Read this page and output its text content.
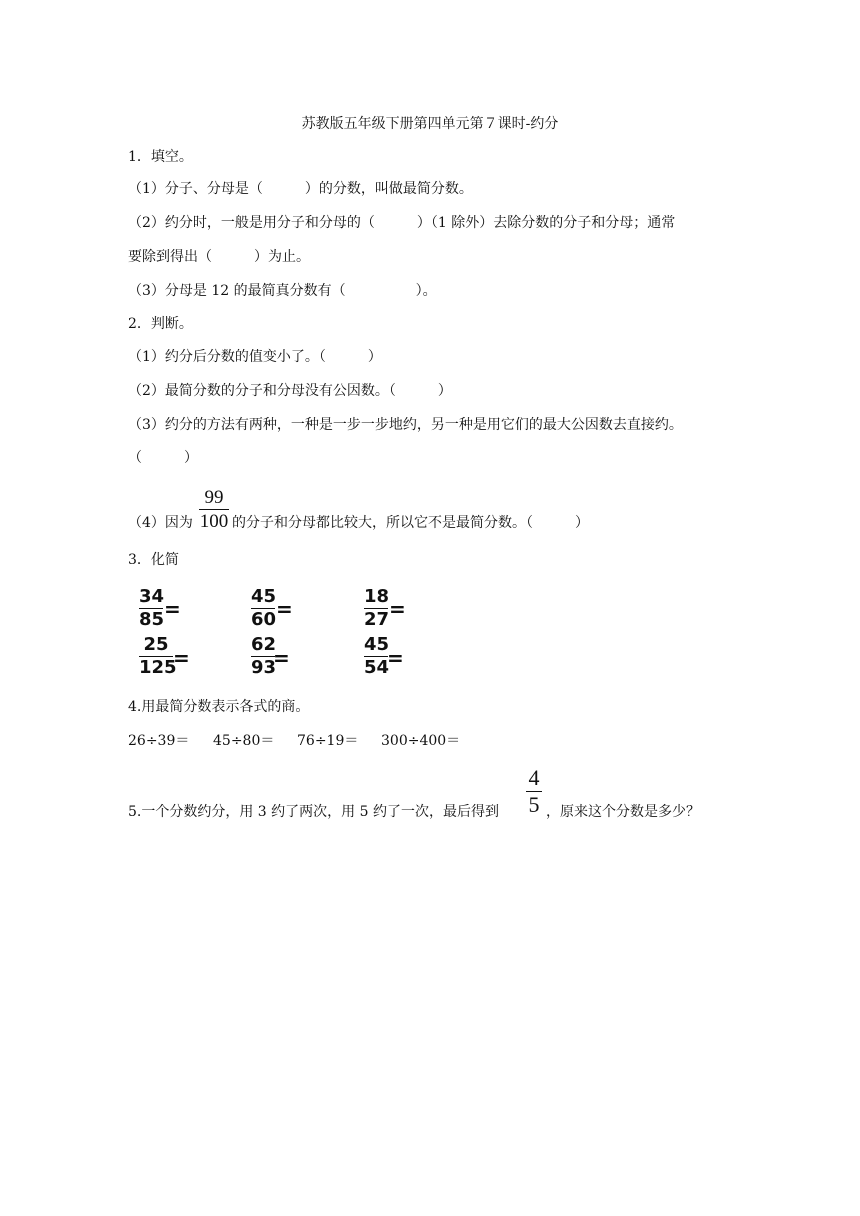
苏教版五年级下册第四单元第７课时-约分
1．填空。
（1）分子、分母是（　　　）的分数，叫做最简分数。
（2）约分时，一般是用分子和分母的（　　　）（1 除外）去除分数的分子和分母；通常
要除到得出（　　　）为止。
（3）分母是 12 的最简真分数有（　　　　　）。
2．判断。
（1）约分后分数的值变小了。（　　　）
（2）最简分数的分子和分母没有公因数。（　　　）
（3）约分的方法有两种，一种是一步一步地约，另一种是用它们的最大公因数去直接约。
（　　　）
（4）因为
99
100 的分子和分母都比较大，所以它不是最简分数。（　　　）
3．化简
34
85 =
45
60 =
18
27 =
25
125
=
62
93
=
45
54
=
4.用最简分数表示各式的商。
26÷39＝ 45÷80＝ 76÷19＝ 300÷400＝
5.一个分数约分，用 3 约了两次，用 5 约了一次，最后得到
4
5 ，原来这个分数是多少？
